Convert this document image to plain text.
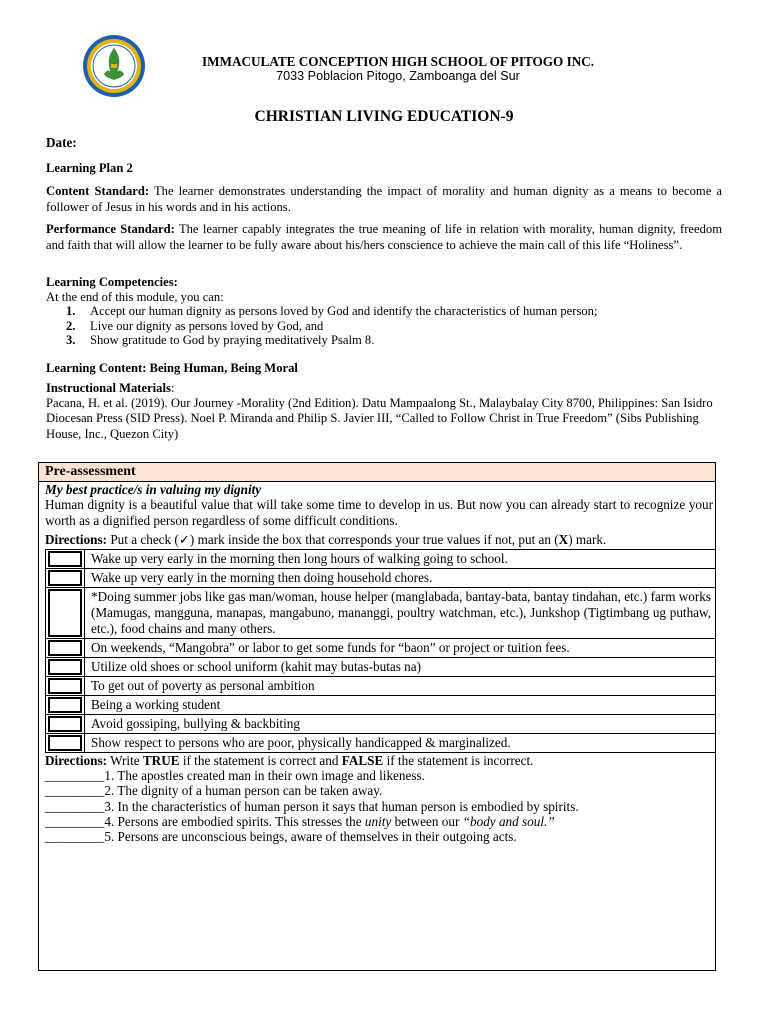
IMMACULATE CONCEPTION HIGH SCHOOL OF PITOGO INC.
7033 Poblacion Pitogo, Zamboanga del Sur
CHRISTIAN LIVING EDUCATION-9
Date:
Learning Plan 2
Content Standard: The learner demonstrates understanding the impact of morality and human dignity as a means to become a follower of Jesus in his words and in his actions.
Performance Standard: The learner capably integrates the true meaning of life in relation with morality, human dignity, freedom and faith that will allow the learner to be fully aware about his/hers conscience to achieve the main call of this life “Holiness”.
Learning Competencies:
At the end of this module, you can:
1. Accept our human dignity as persons loved by God and identify the characteristics of human person;
2. Live our dignity as persons loved by God, and
3. Show gratitude to God by praying meditatively Psalm 8.
Learning Content: Being Human, Being Moral
Instructional Materials:
Pacana, H. et al. (2019). Our Journey -Morality (2nd Edition). Datu Mampaalong St., Malaybalay City 8700, Philippines: San Isidro Diocesan Press (SID Press). Noel P. Miranda and Philip S. Javier III, “Called to Follow Christ in True Freedom” (Sibs Publishing House, Inc., Quezon City)
Pre-assessment
My best practice/s in valuing my dignity
Human dignity is a beautiful value that will take some time to develop in us. But now you can already start to recognize your worth as a dignified person regardless of some difficult conditions.
Directions: Put a check (✓) mark inside the box that corresponds your true values if not, put an (X) mark.
	Wake up very early in the morning then long hours of walking going to school.

	Wake up very early in the morning then doing household chores.

	*Doing summer jobs like gas man/woman, house helper (manglabada, bantay-bata, bantay tindahan, etc.) farm works (Mamugas, mangguna, manapas, mangabuno, mananggi, poultry watchman, etc.), Junkshop (Tigtimbang ug puthaw, etc.), food chains and many others.

	On weekends, “Mangobra” or labor to get some funds for “baon” or project or tuition fees.

	Utilize old shoes or school uniform (kahit may butas-butas na)

	To get out of poverty as personal ambition

	Being a working student

	Avoid gossiping, bullying & backbiting

	Show respect to persons who are poor, physically handicapped & marginalized.
Directions: Write TRUE if the statement is correct and FALSE if the statement is incorrect.
_________1. The apostles created man in their own image and likeness.
_________2. The dignity of a human person can be taken away.
_________3. In the characteristics of human person it says that human person is embodied by spirits.
_________4. Persons are embodied spirits. This stresses the unity between our “body and soul.”
_________5. Persons are unconscious beings, aware of themselves in their outgoing acts.
